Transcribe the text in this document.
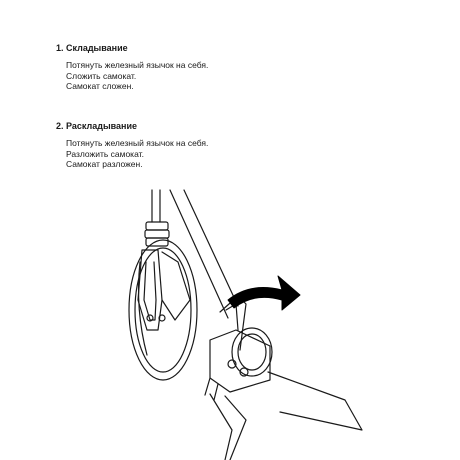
1. Складывание
Потянуть железный язычок на себя.
Сложить самокат.
Самокат сложен.
2. Раскладывание
Потянуть железный язычок на себя.
Разложить самокат.
Самокат разложен.
